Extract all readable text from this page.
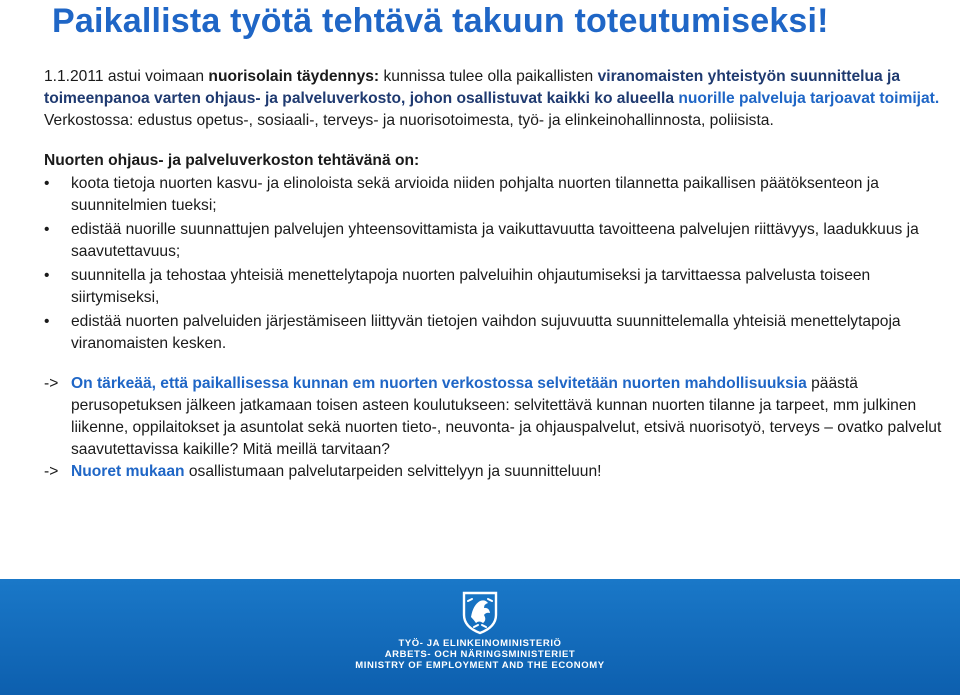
Paikallista työtä tehtävä takuun toteutumiseksi!

1.1.2011 astui voimaan nuorisolain täydennys: kunnissa tulee olla paikallisten viranomaisten yhteistyön suunnittelua ja toimeenpanoa varten ohjaus- ja palveluverkosto, johon osallistuvat kaikki ko alueella nuorille palveluja tarjoavat toimijat.

Verkostossa: edustus opetus-, sosiaali-, terveys- ja nuorisotoimesta, työ- ja elinkeinohallinnosta, poliisista.

Nuorten ohjaus- ja palveluverkoston tehtävänä on:

• koota tietoja nuorten kasvu- ja elinoloista sekä arvioida niiden pohjalta nuorten tilannetta paikallisen päätöksenteon ja suunnitelmien tueksi;
• edistää nuorille suunnattujen palvelujen yhteensovittamista ja vaikuttavuutta tavoitteena palvelujen riittävyys, laadukkuus ja saavutettavuus;
• suunnitella ja tehostaa yhteisiä menettelytapoja nuorten palveluihin ohjautumiseksi ja tarvittaessa palvelusta toiseen siirtymiseksi,
• edistää nuorten palveluiden järjestämiseen liittyvän tietojen vaihdon sujuvuutta suunnittelemalla yhteisiä menettelytapoja viranomaisten kesken.

-> On tärkeää, että paikallisessa kunnan em nuorten verkostossa selvitetään nuorten mahdollisuuksia päästä perusopetuksen jälkeen jatkamaan toisen asteen koulutukseen: selvitettävä kunnan nuorten tilanne ja tarpeet, mm julkinen liikenne, oppilaitokset ja asuntolat sekä nuorten tieto-, neuvonta- ja ohjauspalvelut, etsivä nuorisotyö, terveys – ovatko palvelut saavutettavissa kaikille? Mitä meillä tarvitaan?

-> Nuoret mukaan osallistumaan palvelutarpeiden selvittelyyn ja suunnitteluun!

TYÖ- JA ELINKEINOMINISTERIÖ

ARBETS- OCH NÄRINGSMINISTERIET

MINISTRY OF EMPLOYMENT AND THE ECONOMY
